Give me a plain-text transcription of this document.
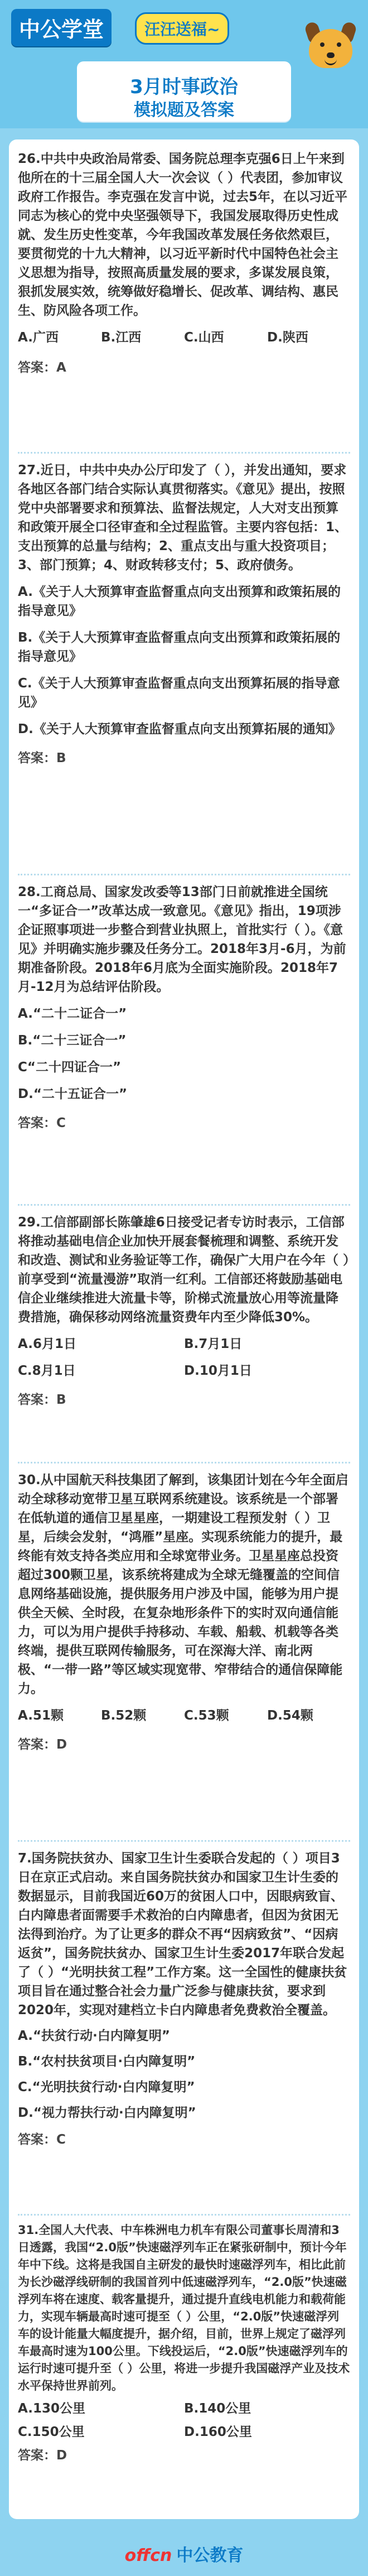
中公学堂	汪汪送福~
3月时事政治
模拟题及答案

26.中共中央政治局常委、国务院总理李克强6日上午来到他所在的十三届全国人大一次会议（ ）代表团，参加审议政府工作报告。李克强在发言中说，过去5年，在以习近平同志为核心的党中央坚强领导下，我国发展取得历史性成就、发生历史性变革，今年我国改革发展任务依然艰巨，要贯彻党的十九大精神，以习近平新时代中国特色社会主义思想为指导，按照高质量发展的要求，多谋发展良策，狠抓发展实效，统筹做好稳增长、促改革、调结构、惠民生、防风险各项工作。

A.广西	B.江西	C.山西	D.陕西

答案：A

27.近日，中共中央办公厅印发了（ ），并发出通知，要求各地区各部门结合实际认真贯彻落实。《意见》提出，按照党中央部署要求和预算法、监督法规定，人大对支出预算和政策开展全口径审查和全过程监管。主要内容包括：1、支出预算的总量与结构；2、重点支出与重大投资项目；3、部门预算；4、财政转移支付；5、政府债务。

A.《关于人大预算审查监督重点向支出预算和政策拓展的指导意见》

B.《关于人大预算审查监督重点向支出预算和政策拓展的指导意见》

C.《关于人大预算审查监督重点向支出预算拓展的指导意见》

D.《关于人大预算审查监督重点向支出预算拓展的通知》

答案：B

28.工商总局、国家发改委等13部门日前就推进全国统一“多证合一”改革达成一致意见。《意见》指出，19项涉企证照事项进一步整合到营业执照上，首批实行（ ）。《意见》并明确实施步骤及任务分工。2018年3月-6月，为前期准备阶段。2018年6月底为全面实施阶段。2018年7月-12月为总结评估阶段。

A.“二十二证合一”

B.“二十三证合一”

C“二十四证合一”

D.“二十五证合一”

答案：C

29.工信部副部长陈肇雄6日接受记者专访时表示，工信部将推动基础电信企业加快开展套餐梳理和调整、系统开发和改造、测试和业务验证等工作，确保广大用户在今年（ ）前享受到“流量漫游”取消一红利。工信部还将鼓励基础电信企业继续推进大流量卡等，阶梯式流量放心用等流量降费措施，确保移动网络流量资费年内至少降低30%。

A.6月1日	B.7月1日

C.8月1日	D.10月1日

答案：B

30.从中国航天科技集团了解到，该集团计划在今年全面启动全球移动宽带卫星互联网系统建设。该系统是一个部署在低轨道的通信卫星星座，一期建设工程预发射（ ）卫星，后续会发射，“鸿雁”星座。实现系统能力的提升，最终能有效支持各类应用和全球宽带业务。卫星星座总投资超过300颗卫星，该系统将建成为全球无缝覆盖的空间信息网络基础设施，提供服务用户涉及中国，能够为用户提供全天候、全时段，在复杂地形条件下的实时双向通信能力，可以为用户提供手持移动、车载、船载、机载等各类终端，提供互联网传输服务，可在深海大洋、南北两极、“一带一路”等区域实现宽带、窄带结合的通信保障能力。

A.51颗	B.52颗	C.53颗	D.54颗

答案：D

7.国务院扶贫办、国家卫生计生委联合发起的（ ）项目3日在京正式启动。来自国务院扶贫办和国家卫生计生委的数据显示，目前我国近60万的贫困人口中，因眼病致盲、白内障患者面需要手术救治的白内障患者，但因为贫困无法得到治疗。为了让更多的群众不再“因病致贫”、“因病返贫”，国务院扶贫办、国家卫生计生委2017年联合发起了（ ）“光明扶贫工程”工作方案。这一全国性的健康扶贫项目旨在通过整合社会力量广泛参与健康扶贫，要求到2020年，实现对建档立卡白内障患者免费救治全覆盖。

A.“扶贫行动·白内障复明”

B.“农村扶贫项目·白内障复明”

C.“光明扶贫行动·白内障复明”

D.“视力帮扶行动·白内障复明”

答案：C

31.全国人大代表、中车株洲电力机车有限公司董事长周清和3日透露，我国“2.0版”快速磁浮列车正在紧张研制中，预计今年年中下线。这将是我国自主研发的最快时速磁浮列车，相比此前为长沙磁浮线研制的我国首列中低速磁浮列车，“2.0版”快速磁浮列车将在速度、载客量提升，通过提升直线电机能力和载荷能力，实现车辆最高时速可提至（ ）公里，“2.0版”快速磁浮列车的设计能量大幅度提升，据介绍，目前，世界上规定了磁浮列车最高时速为100公里。下线投运后，“2.0版”快速磁浮列车的运行时速可提升至（ ）公里，将进一步提升我国磁浮产业及技术水平保持世界前列。

A.130公里	B.140公里

C.150公里	D.160公里

答案：D

offcn 中公教育
